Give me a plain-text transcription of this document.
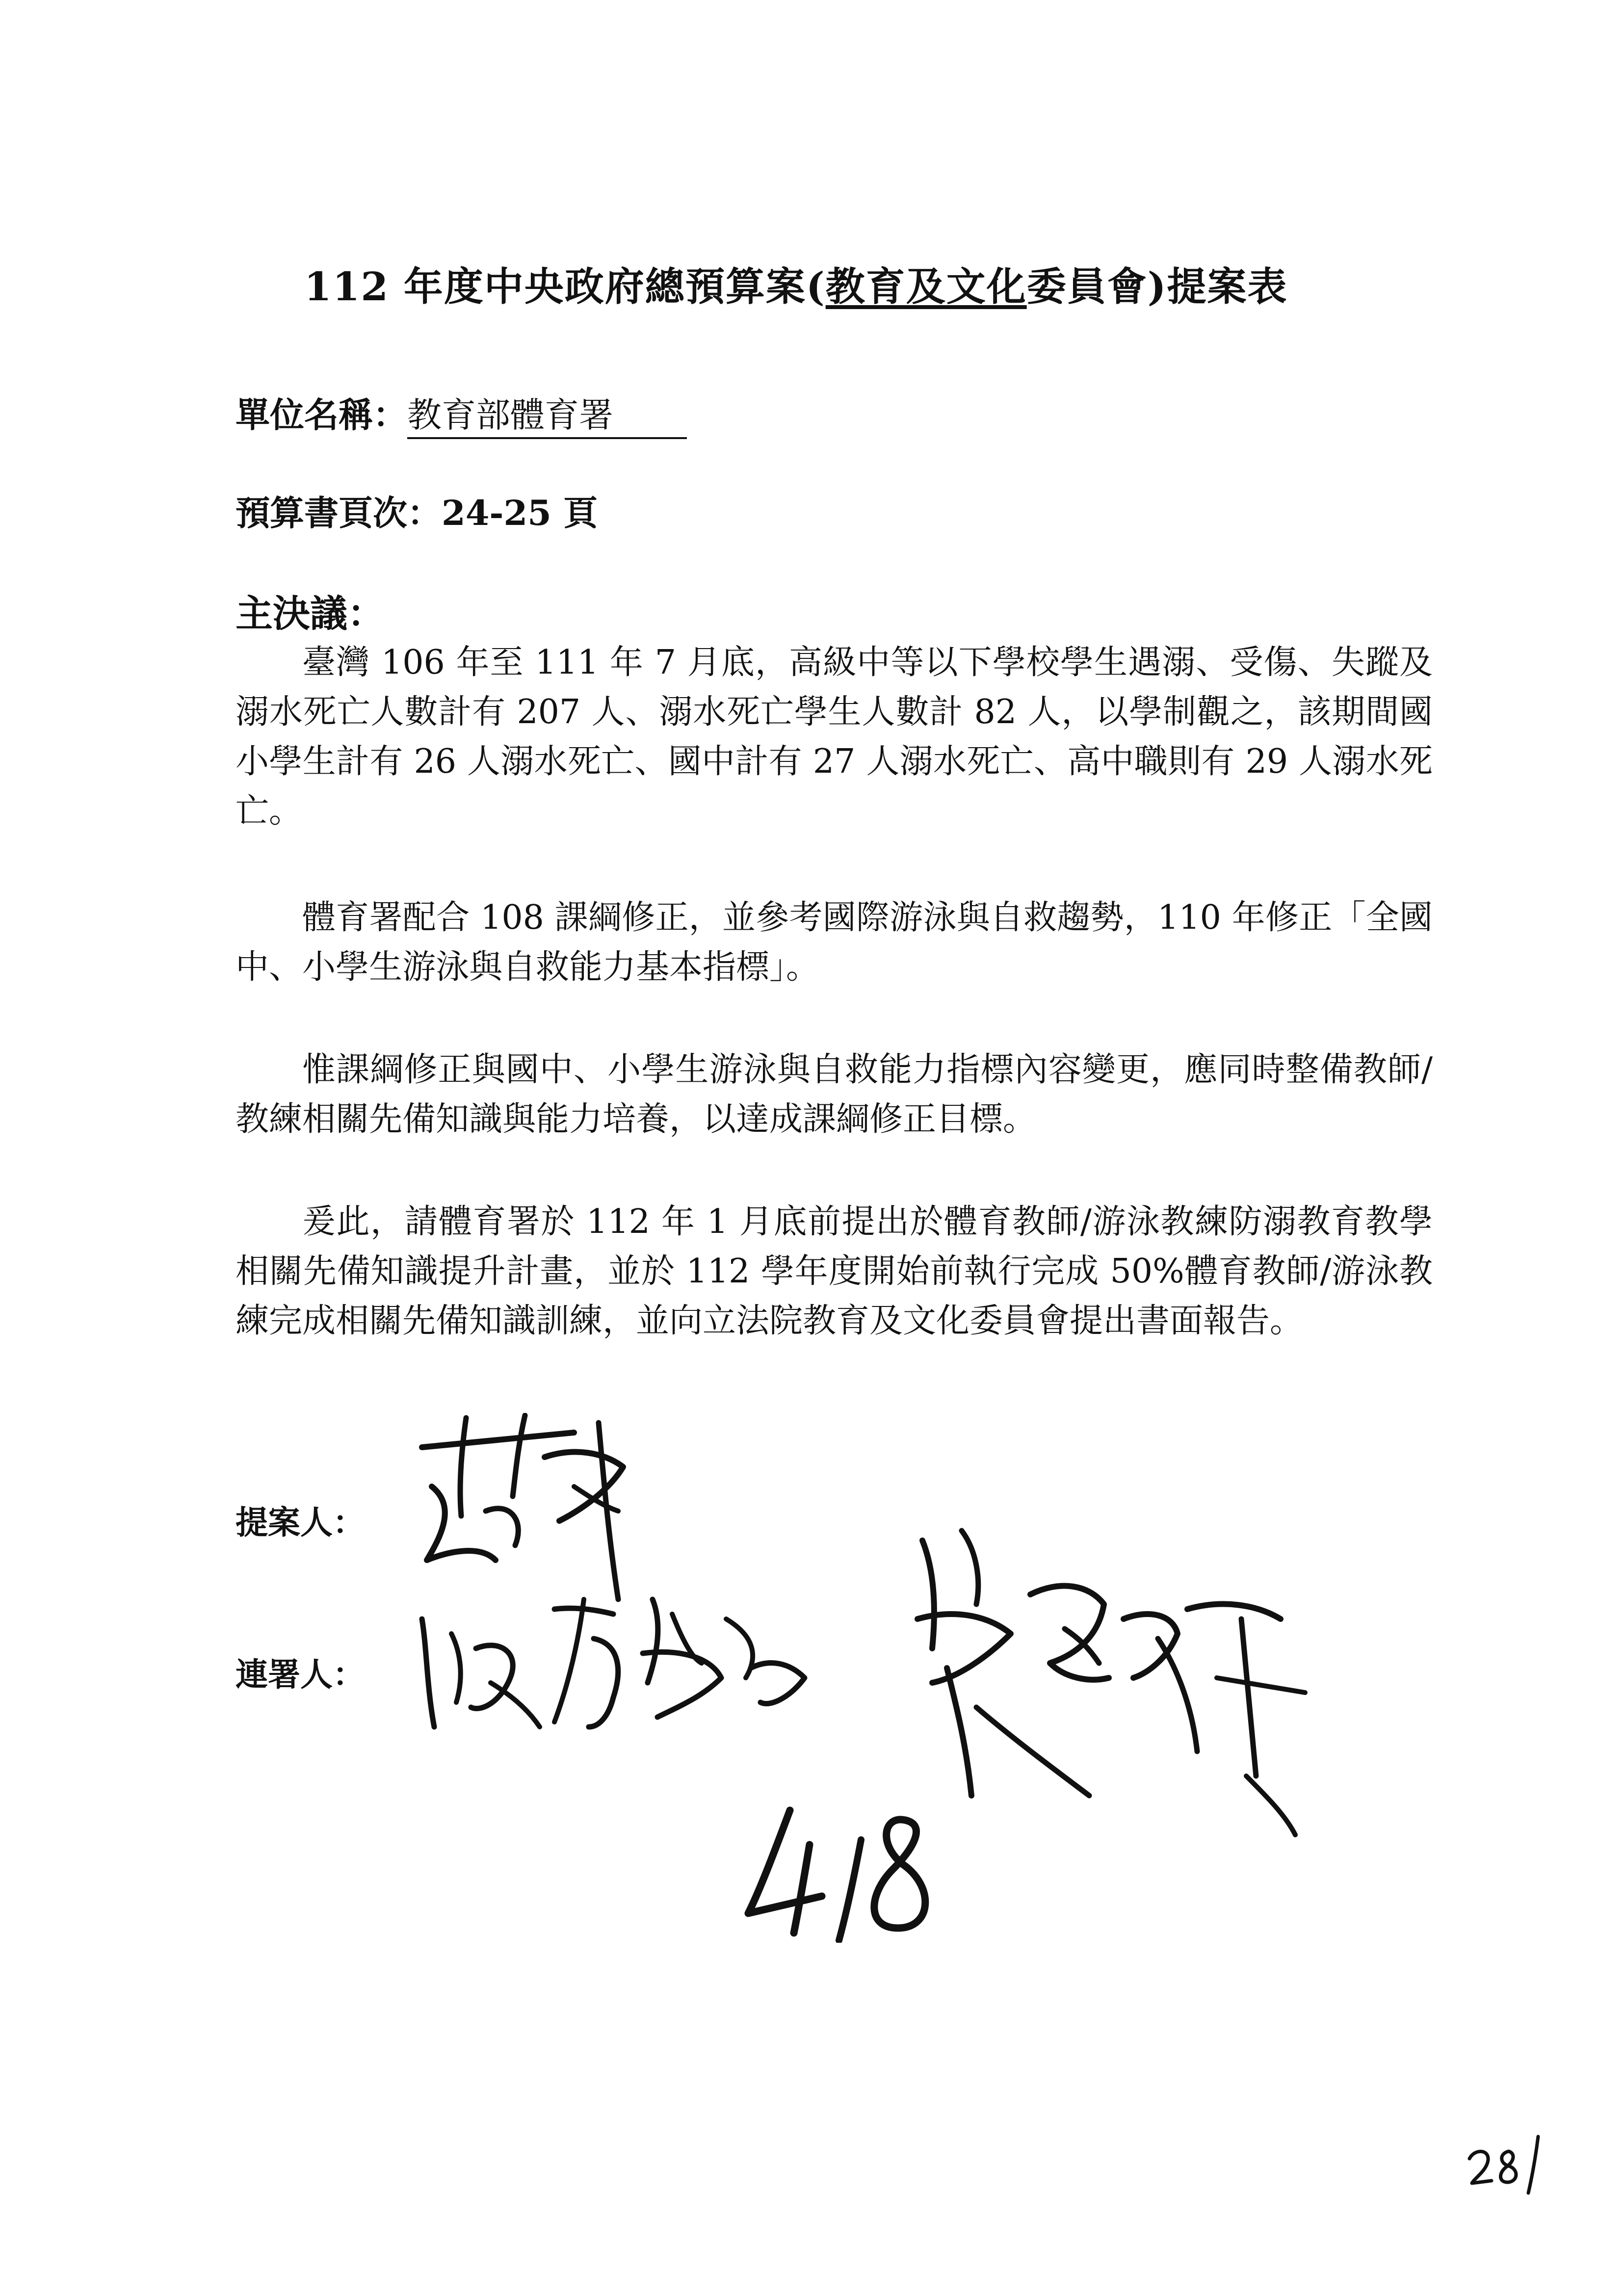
112 年度中央政府總預算案(教育及文化委員會)提案表
單位名稱：教育部體育署
預算書頁次：24-25 頁
主決議：

臺灣 106 年至 111 年 7 月底，高級中等以下學校學生遇溺、受傷、失蹤及溺水死亡人數計有 207 人、溺水死亡學生人數計 82 人，以學制觀之，該期間國小學生計有 26 人溺水死亡、國中計有 27 人溺水死亡、高中職則有 29 人溺水死亡。

體育署配合 108 課綱修正，並參考國際游泳與自救趨勢，110 年修正「全國中、小學生游泳與自救能力基本指標」。

惟課綱修正與國中、小學生游泳與自救能力指標內容變更，應同時整備教師/教練相關先備知識與能力培養，以達成課綱修正目標。

爰此，請體育署於 112 年 1 月底前提出於體育教師/游泳教練防溺教育教學相關先備知識提升計畫，並於 112 學年度開始前執行完成 50%體育教師/游泳教練完成相關先備知識訓練，並向立法院教育及文化委員會提出書面報告。

提案人：
連署人：
